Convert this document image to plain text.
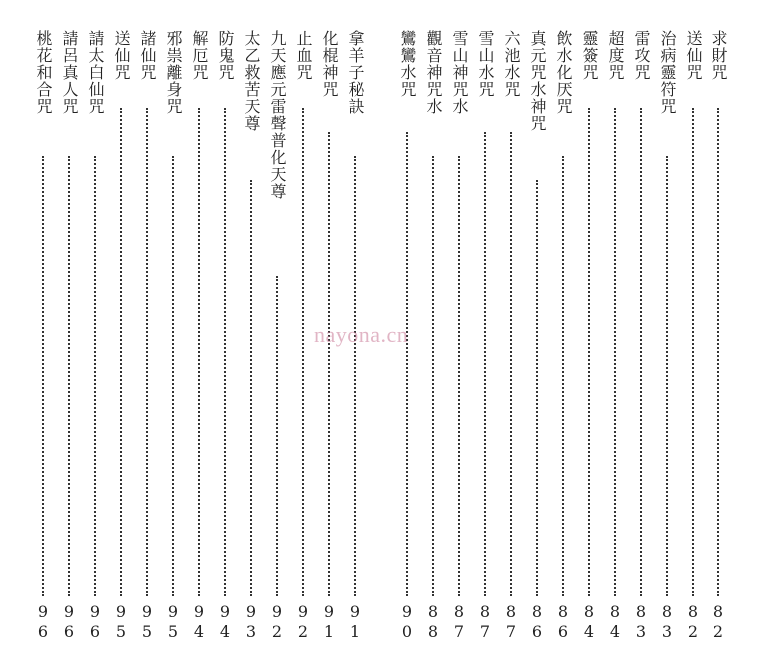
求財咒
8
2
送仙咒
8
2
治病靈符咒
8
3
雷攻咒
8
3
超度咒
8
4
靈簽咒
8
4
飲水化厌咒
8
6
真元咒水神咒
8
6
六池水咒
8
7
雪山水咒
8
7
雪山神咒水
8
7
觀音神咒水
8
8
鸞鸞水咒
9
0
拿羊子秘訣
9
1
化棍神咒
9
1
止血咒
9
2
九天應元雷聲普化天尊
9
2
太乙救苦天尊
9
3
防鬼咒
9
4
解厄咒
9
4
邪祟離身咒
9
5
諸仙咒
9
5
送仙咒
9
5
請太白仙咒
9
6
請呂真人咒
9
6
桃花和合咒
9
6
nayona.cn
